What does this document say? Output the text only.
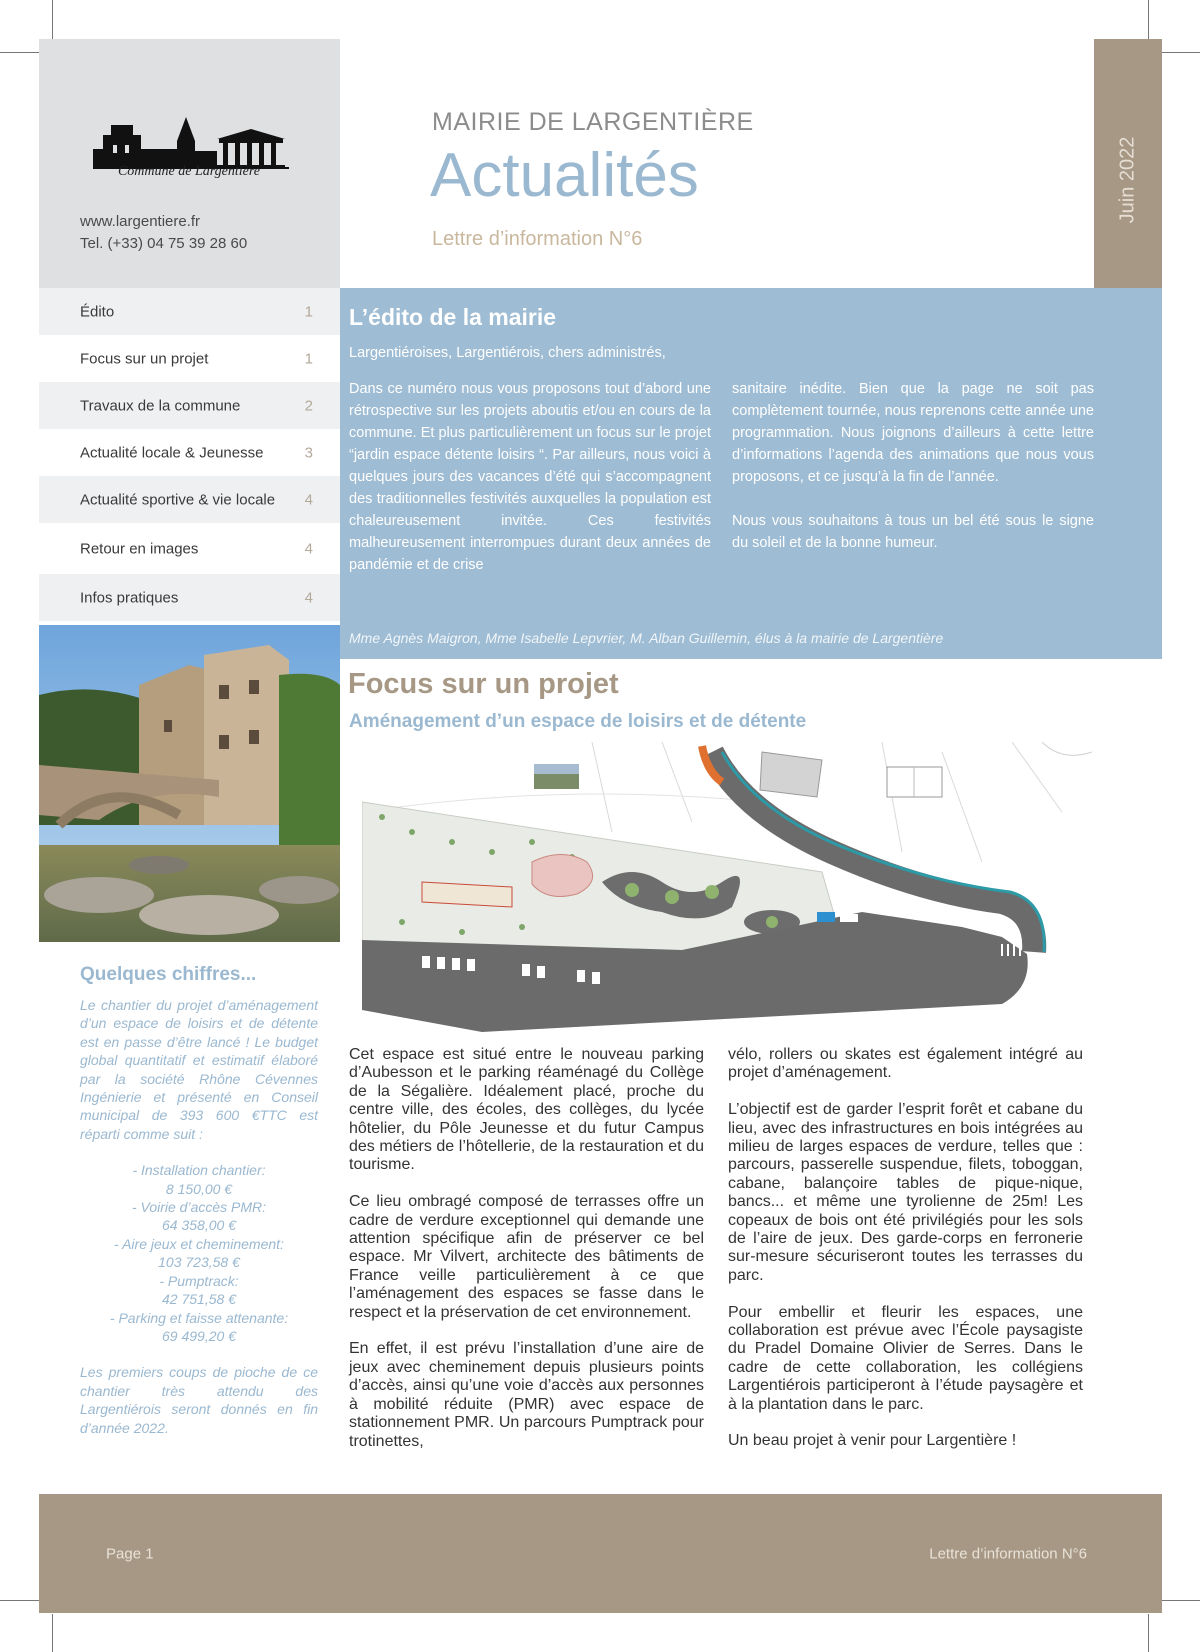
Commune de Largentière
www.largentiere.fr
Tel. (+33) 04 75 39 28 60
MAIRIE DE LARGENTIÈRE
Actualités
Lettre d’information N°6
Juin 2022
Édito	1
Focus sur un projet	1
Travaux de la commune	2
Actualité locale & Jeunesse	3
Actualité sportive & vie locale 4
Retour en images	4
Infos pratiques	4
Quelques chiffres...
Le chantier du projet d’aménagement d’un espace de loisirs et de détente est en passe d’être lancé ! Le budget global quantitatif et estimatif élaboré par la société Rhône Cévennes Ingénierie et présenté en Conseil municipal de 393 600 €TTC est réparti comme suit :
- Installation chantier:
8 150,00 €
- Voirie d’accès PMR:
64 358,00 €
- Aire jeux et cheminement:
103 723,58 €
- Pumptrack:
42 751,58 €
- Parking et faisse attenante:
69 499,20 €
Les premiers coups de pioche de ce chantier très attendu des Largentiérois seront donnés en fin d’année 2022.
L’édito de la mairie
Largentiéroises, Largentiérois, chers administrés,
Dans ce numéro nous vous proposons tout d’abord une rétrospective sur les projets aboutis et/ou en cours de la commune. Et plus particulièrement un focus sur le projet “jardin espace détente loisirs “. Par ailleurs, nous voici à quelques jours des vacances d’été qui s’accompagnent des traditionnelles festivités auxquelles la population est chaleureusement invitée. Ces festivités malheureusement interrompues durant deux années de pandémie et de crise
sanitaire inédite. Bien que la page ne soit pas complètement tournée, nous reprenons cette année une programmation. Nous joignons d’ailleurs à cette lettre d’informations l’agenda des animations que nous vous proposons, et ce jusqu’à la fin de l’année.
Nous vous souhaitons à tous un bel été sous le signe du soleil et de la bonne humeur.
Mme Agnès Maigron, Mme Isabelle Lepvrier, M. Alban Guillemin, élus à la mairie de Largentière
Focus sur un projet
Aménagement d’un espace de loisirs et de détente

Cet espace est situé entre le nouveau parking d’Aubesson et le parking réaménagé du Collège de la Ségalière. Idéalement placé, proche du centre ville, des écoles, des collèges, du lycée hôtelier, du Pôle Jeunesse et du futur Campus des métiers de l’hôtellerie, de la restauration et du tourisme.

Ce lieu ombragé composé de terrasses offre un cadre de verdure exceptionnel qui demande une attention spécifique afin de préserver ce bel espace. Mr Vilvert, architecte des bâtiments de France veille particulièrement à ce que l’aménagement des espaces se fasse dans le respect et la préservation de cet environnement.

En effet, il est prévu l’installation d’une aire de jeux avec cheminement depuis plusieurs points d’accès, ainsi qu’une voie d’accès aux personnes à mobilité réduite (PMR) avec espace de stationnement PMR. Un parcours Pumptrack pour trotinettes,

vélo, rollers ou skates est également intégré au projet d’aménagement.

L’objectif est de garder l’esprit forêt et cabane du lieu, avec des infrastructures en bois intégrées au milieu de larges espaces de verdure, telles que : parcours, passerelle suspendue, filets, toboggan, cabane, balançoire tables de pique-nique, bancs... et même une tyrolienne de 25m! Les copeaux de bois ont été privilégiés pour les sols de l’aire de jeux. Des garde-corps en ferronerie sur-mesure sécuriseront toutes les terrasses du parc.

Pour embellir et fleurir les espaces, une collaboration est prévue avec l’École paysagiste du Pradel Domaine Olivier de Serres. Dans le cadre de cette collaboration, les collégiens Largentiérois participeront à l’étude paysagère et à la plantation dans le parc.

Un beau projet à venir pour Largentière !

Page 1	Lettre d’information N°6
